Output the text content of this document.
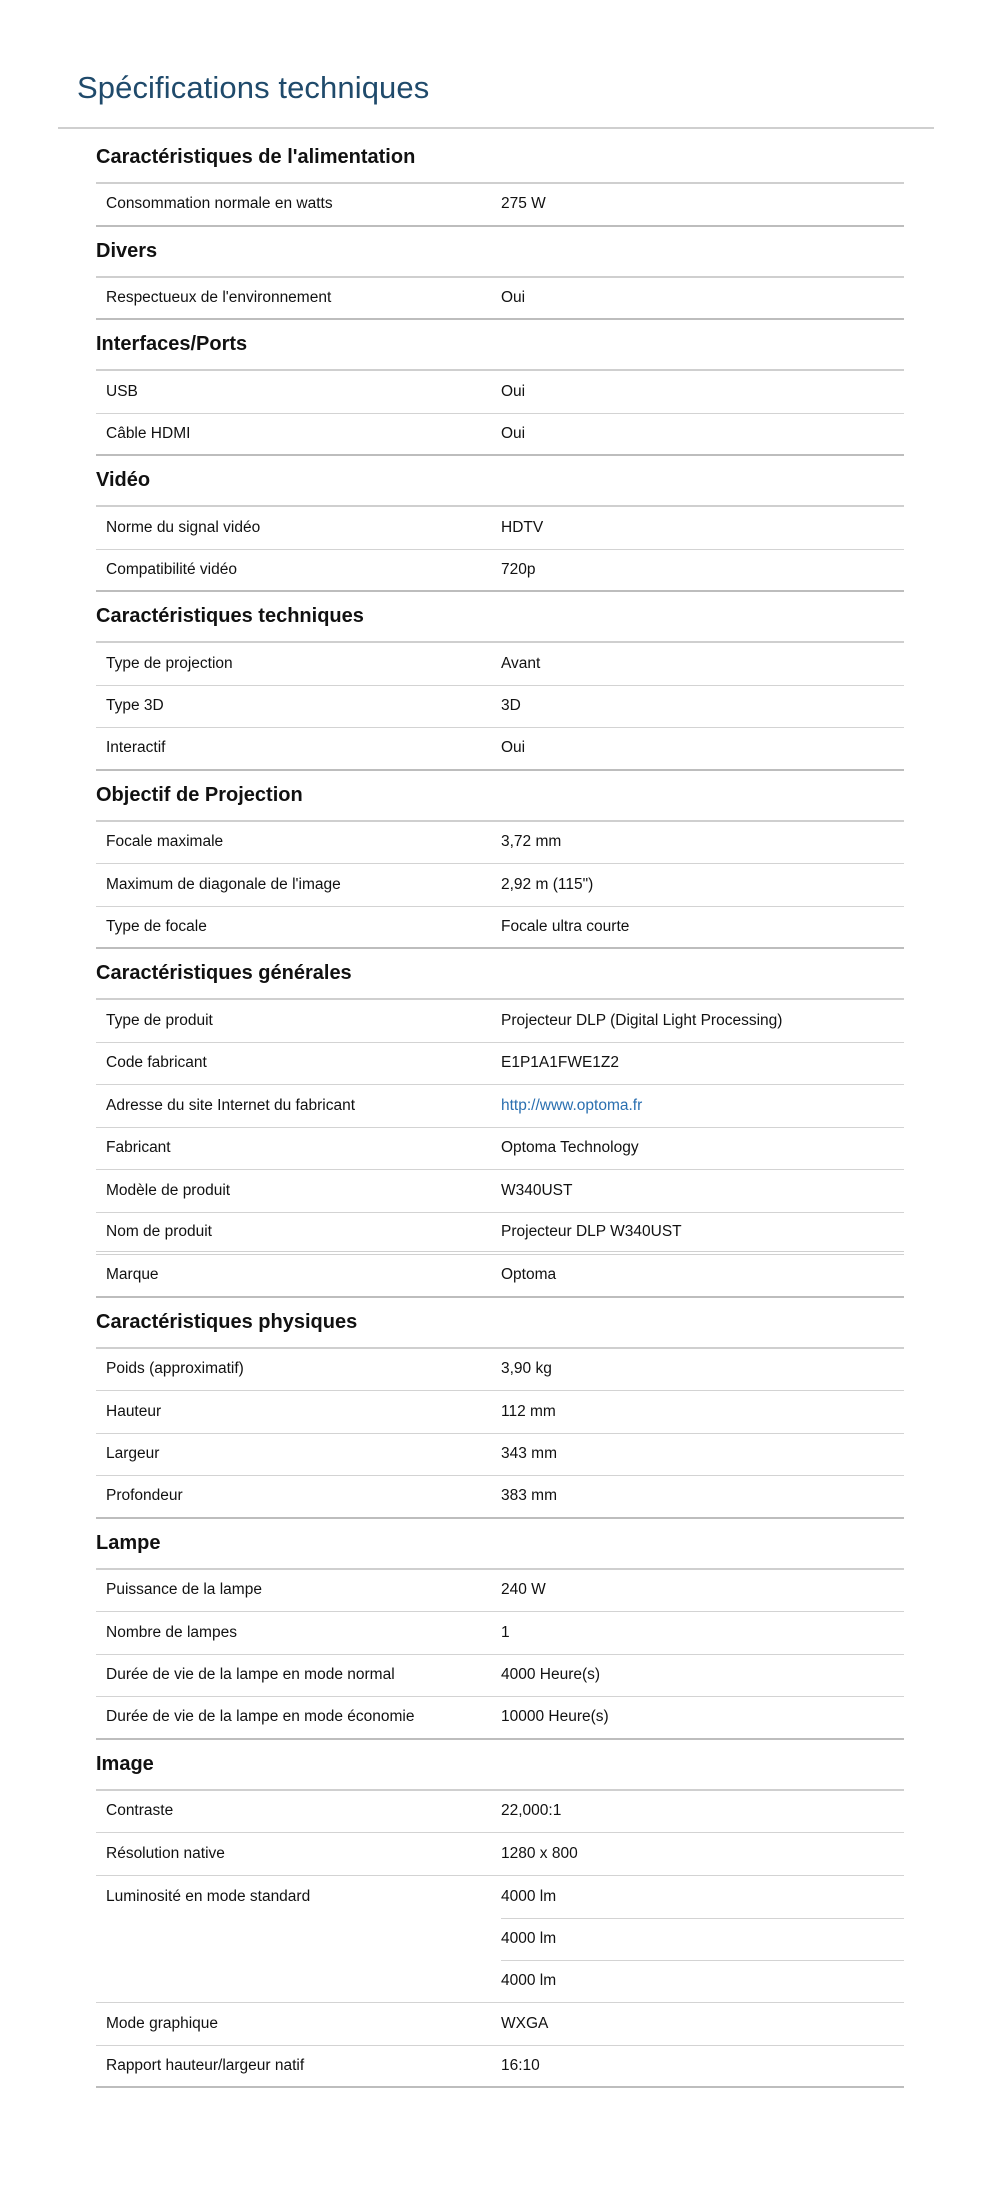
Spécifications techniques
Caractéristiques de l'alimentation
Consommation normale en watts	275 W
Divers
Respectueux de l'environnement	Oui
Interfaces/Ports
USB	Oui
Câble HDMI	Oui
Vidéo
Norme du signal vidéo	HDTV
Compatibilité vidéo	720p
Caractéristiques techniques
Type de projection	Avant
Type 3D	3D
Interactif	Oui
Objectif de Projection
Focale maximale	3,72 mm
Maximum de diagonale de l'image	2,92 m (115")
Type de focale	Focale ultra courte
Caractéristiques générales
Type de produit	Projecteur DLP (Digital Light Processing)
Code fabricant	E1P1A1FWE1Z2
Adresse du site Internet du fabricant	http://www.optoma.fr
Fabricant	Optoma Technology
Modèle de produit	W340UST
Nom de produit	Projecteur DLP W340UST
Marque	Optoma
Caractéristiques physiques
Poids (approximatif)	3,90 kg
Hauteur	112 mm
Largeur	343 mm
Profondeur	383 mm
Lampe
Puissance de la lampe	240 W
Nombre de lampes	1
Durée de vie de la lampe en mode normal	4000 Heure(s)
Durée de vie de la lampe en mode économie	10000 Heure(s)
Image
Contraste	22,000:1
Résolution native	1280 x 800
Luminosité en mode standard	4000 lm
4000 lm
4000 lm
Mode graphique	WXGA
Rapport hauteur/largeur natif	16:10
